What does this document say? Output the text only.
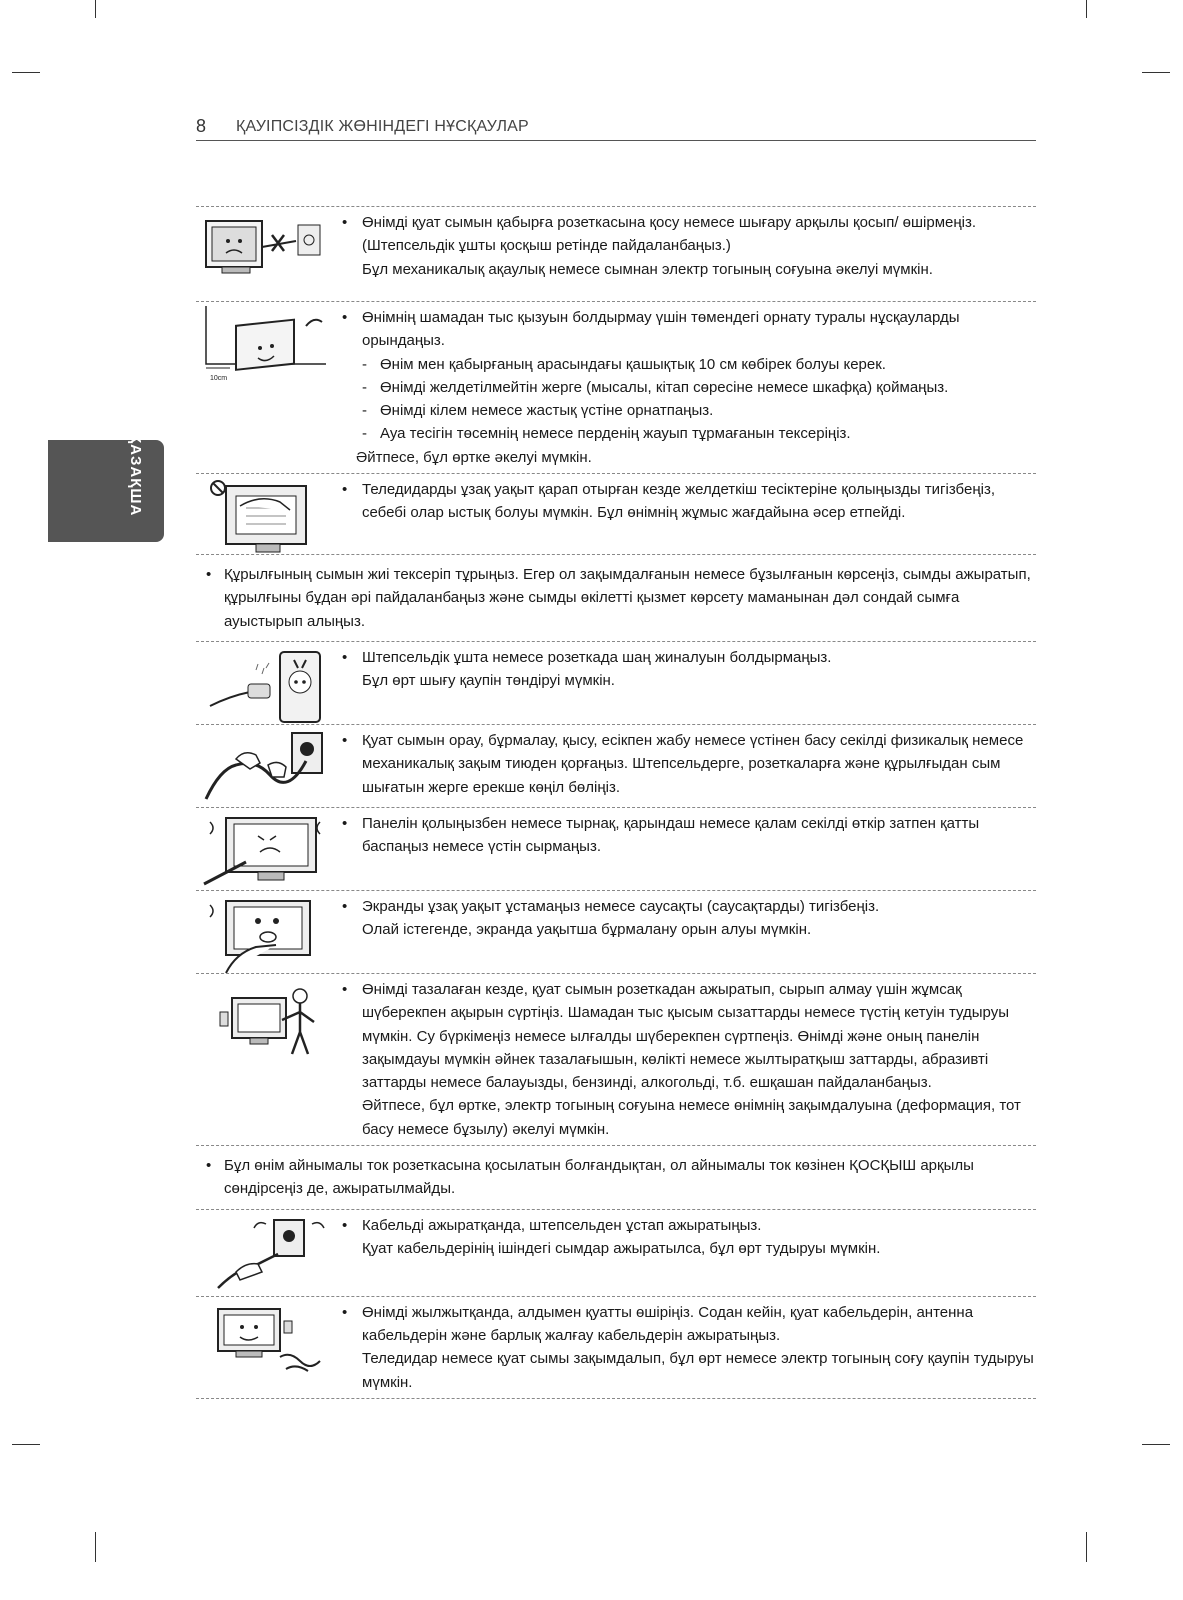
8 ҚАУІПСІЗДІК ЖӨНІНДЕГІ НҰСҚАУЛАР
ҚАЗАҚША
• Өнімді қуат сымын қабырға розеткасына қосу немесе шығару арқылы қосып/ өшірмеңіз. (Штепсельдік ұшты қосқыш ретінде пайдаланбаңыз.)
Бұл механикалық ақаулық немесе сымнан электр тогының соғуына әкелуі мүмкін.
10cm
• Өнімнің шамадан тыс қызуын болдырмау үшін төмендегі орнату туралы нұсқауларды орындаңыз.
- Өнім мен қабырғаның арасындағы қашықтық 10 см көбірек болуы керек.
- Өнімді желдетілмейтін жерге (мысалы, кітап сөресіне немесе шкафқа) қоймаңыз.
- Өнімді кілем немесе жастық үстіне орнатпаңыз.
- Ауа тесігін төсемнің немесе перденің жауып тұрмағанын тексеріңіз.
Әйтпесе, бұл өртке әкелуі мүмкін.
• Теледидарды ұзақ уақыт қарап отырған кезде желдеткіш тесіктеріне қолыңызды тигізбеңіз, себебі олар ыстық болуы мүмкін. Бұл өнімнің жұмыс жағдайына әсер етпейді.
• Құрылғының сымын жиі тексеріп тұрыңыз. Егер ол зақымдалғанын немесе бұзылғанын көрсеңіз, сымды ажыратып, құрылғыны бұдан әрі пайдаланбаңыз және сымды өкілетті қызмет көрсету маманынан дәл сондай сымға ауыстырып алыңыз.
• Штепсельдік ұшта немесе розеткада шаң жиналуын болдырмаңыз.
Бұл өрт шығу қаупін төндіруі мүмкін.
• Қуат сымын орау, бұрмалау, қысу, есікпен жабу немесе үстінен басу секілді физикалық немесе механикалық зақым тиюден қорғаңыз. Штепсельдерге, розеткаларға және құрылғыдан сым шығатын жерге ерекше көңіл бөліңіз.
• Панелін қолыңызбен немесе тырнақ, қарындаш немесе қалам секілді өткір затпен қатты баспаңыз немесе үстін сырмаңыз.
• Экранды ұзақ уақыт ұстамаңыз немесе саусақты (саусақтарды) тигізбеңіз.
Олай істегенде, экранда уақытша бұрмалану орын алуы мүмкін.
• Өнімді тазалаған кезде, қуат сымын розеткадан ажыратып, сырып алмау үшін жұмсақ шүберекпен ақырын сүртіңіз. Шамадан тыс қысым сызаттарды немесе түстің кетуін тудыруы мүмкін. Су бүркімеңіз немесе ылғалды шүберекпен сүртпеңіз. Өнімді және оның панелін зақымдауы мүмкін әйнек тазалағышын, көлікті немесе жылтыратқыш заттарды, абразивті заттарды немесе балауызды, бензинді, алкогольді, т.б. ешқашан пайдаланбаңыз.
Әйтпесе, бұл өртке, электр тогының соғуына немесе өнімнің зақымдалуына (деформация, тот басу немесе бұзылу) әкелуі мүмкін.
• Бұл өнім айнымалы ток розеткасына қосылатын болғандықтан, ол айнымалы ток көзінен ҚОСҚЫШ арқылы сөндірсеңіз де, ажыратылмайды.
• Кабельді ажыратқанда, штепсельден ұстап ажыратыңыз.
Қуат кабельдерінің ішіндегі сымдар ажыратылса, бұл өрт тудыруы мүмкін.
• Өнімді жылжытқанда, алдымен қуатты өшіріңіз. Содан кейін, қуат кабельдерін, антенна кабельдерін және барлық жалғау кабельдерін ажыратыңыз.
Теледидар немесе қуат сымы зақымдалып, бұл өрт немесе электр тогының соғу қаупін тудыруы мүмкін.
